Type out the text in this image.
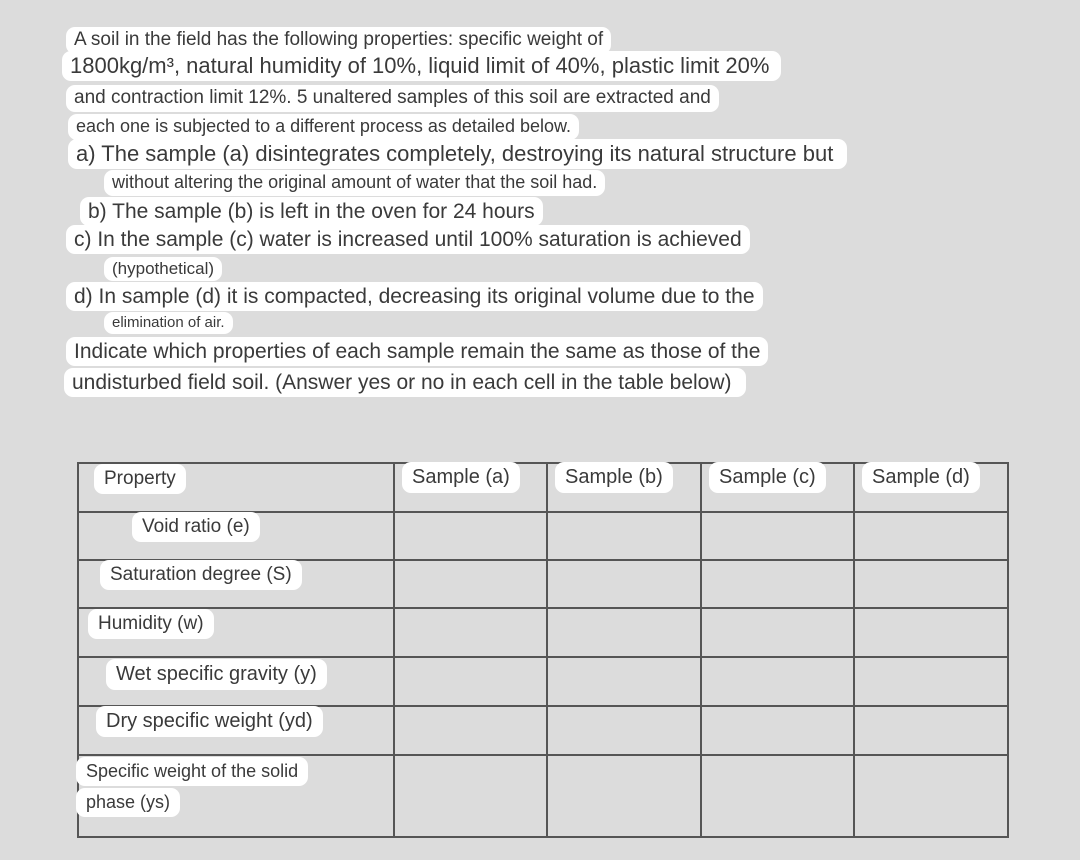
A soil in the field has the following properties: specific weight of
1800kg/m³, natural humidity of 10%, liquid limit of 40%, plastic limit 20%
and contraction limit 12%. 5 unaltered samples of this soil are extracted and
each one is subjected to a different process as detailed below.
a) The sample (a) disintegrates completely, destroying its natural structure but
without altering the original amount of water that the soil had.
b) The sample (b) is left in the oven for 24 hours
c) In the sample (c) water is increased until 100% saturation is achieved
(hypothetical)
d) In sample (d) it is compacted, decreasing its original volume due to the
elimination of air.
Indicate which properties of each sample remain the same as those of the
undisturbed field soil. (Answer yes or no in each cell in the table below)
Property	Sample (a)	Sample (b)	Sample (c)	Sample (d)
Void ratio (e)
Saturation degree (S)
Humidity (w)
Wet specific gravity (y)
Dry specific weight (yd)
Specific weight of the solid
phase (ys)
